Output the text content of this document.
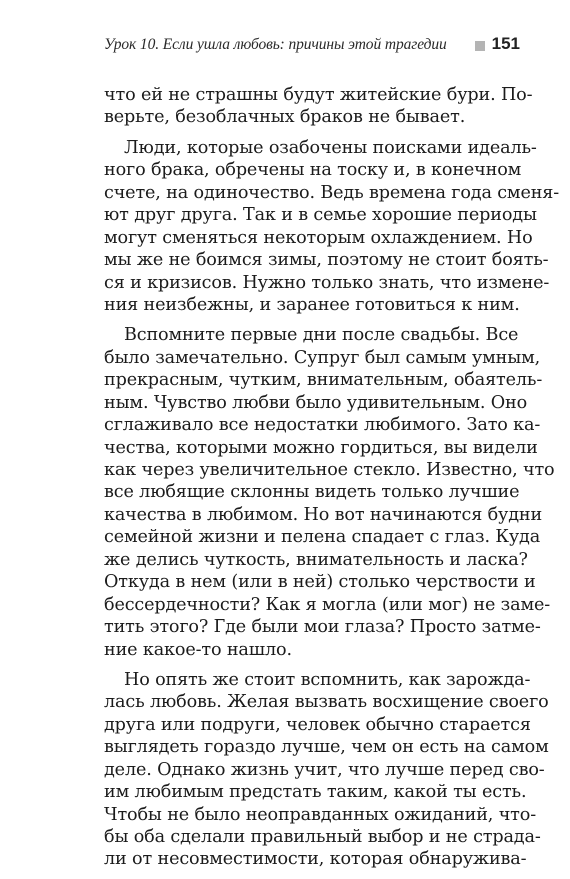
Урок 10. Если ушла любовь: причины этой трагедии	151
что ей не страшны будут житейские бури. По-
верьте, безоблачных браков не бывает.
Люди, которые озабочены поисками идеаль-
ного брака, обречены на тоску и, в конечном
счете, на одиночество. Ведь времена года сменя-
ют друг друга. Так и в семье хорошие периоды
могут сменяться некоторым охлаждением. Но
мы же не боимся зимы, поэтому не стоит боять-
ся и кризисов. Нужно только знать, что измене-
ния неизбежны, и заранее готовиться к ним.
Вспомните первые дни после свадьбы. Все
было замечательно. Супруг был самым умным,
прекрасным, чутким, внимательным, обаятель-
ным. Чувство любви было удивительным. Оно
сглаживало все недостатки любимого. Зато ка-
чества, которыми можно гордиться, вы видели
как через увеличительное стекло. Известно, что
все любящие склонны видеть только лучшие
качества в любимом. Но вот начинаются будни
семейной жизни и пелена спадает с глаз. Куда
же делись чуткость, внимательность и ласка?
Откуда в нем (или в ней) столько черствости и
бессердечности? Как я могла (или мог) не заме-
тить этого? Где были мои глаза? Просто затме-
ние какое-то нашло.
Но опять же стоит вспомнить, как зарожда-
лась любовь. Желая вызвать восхищение своего
друга или подруги, человек обычно старается
выглядеть гораздо лучше, чем он есть на самом
деле. Однако жизнь учит, что лучше перед сво-
им любимым предстать таким, какой ты есть.
Чтобы не было неоправданных ожиданий, что-
бы оба сделали правильный выбор и не страда-
ли от несовместимости, которая обнаружива-
